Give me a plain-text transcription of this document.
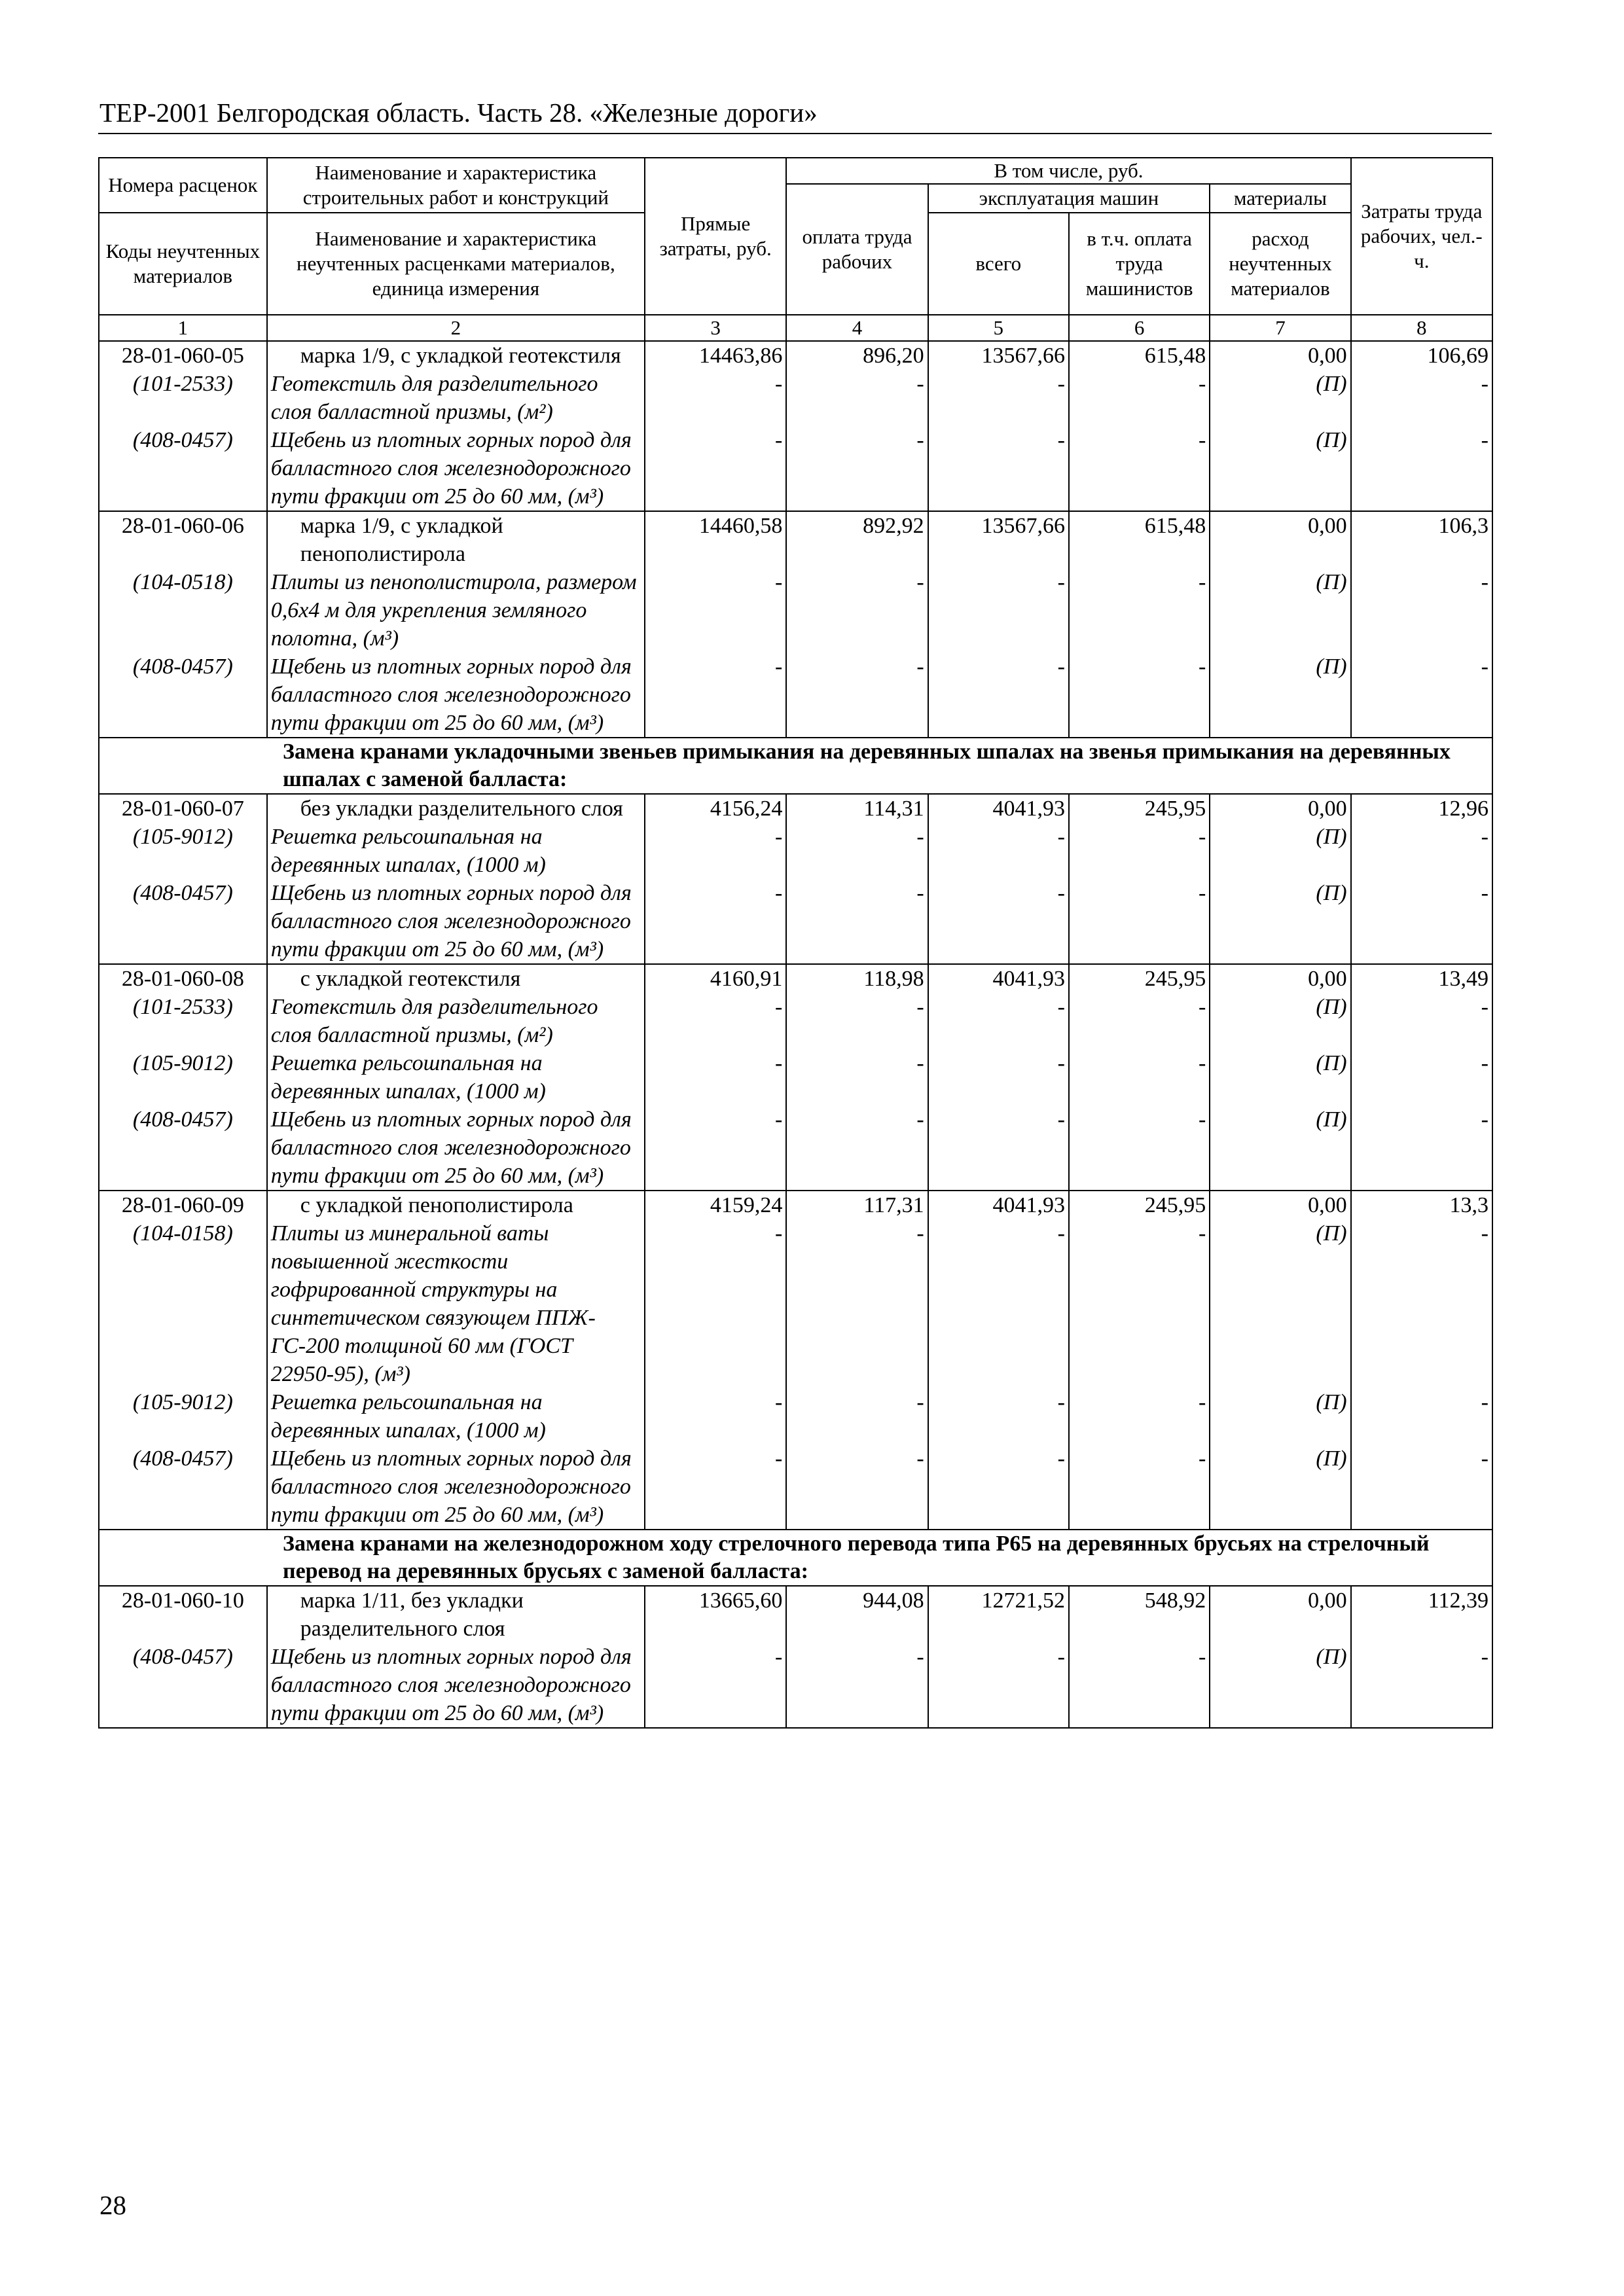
ТЕР-2001 Белгородская область. Часть 28. «Железные дороги»
Номера расценок	Наименование и характеристика строительных работ и конструкций	Прямые затраты, руб.	В том числе, руб.				Затраты труда рабочих, чел.-ч.
			оплата труда рабочих	эксплуатация машин		материалы	
Коды неучтенных материалов	Наименование и характеристика неучтенных расценками материалов, единица измерения			всего	в т.ч. оплата труда машинистов	расход неучтенных материалов	
1	2	3	4	5	6	7	8
28-01-060-05	марка 1/9, с укладкой геотекстиля	14463,86	896,20	13567,66	615,48	0,00	106,69
(101-2533)	Геотекстиль для разделительного слоя балластной призмы, (м²)	-	-	-	-	(П)	-
(408-0457)	Щебень из плотных горных пород для балластного слоя железнодорожного пути фракции от 25 до 60 мм, (м³)	-	-	-	-	(П)	-
28-01-060-06	марка 1/9, с укладкой пенополистирола	14460,58	892,92	13567,66	615,48	0,00	106,3
(104-0518)	Плиты из пенополистирола, размером 0,6х4 м для укрепления земляного полотна, (м³)	-	-	-	-	(П)	-
(408-0457)	Щебень из плотных горных пород для балластного слоя железнодорожного пути фракции от 25 до 60 мм, (м³)	-	-	-	-	(П)	-
Замена кранами укладочными звеньев примыкания на деревянных шпалах на звенья примыкания на деревянных шпалах с заменой балласта:							
28-01-060-07	без укладки разделительного слоя	4156,24	114,31	4041,93	245,95	0,00	12,96
(105-9012)	Решетка рельсошпальная на деревянных шпалах, (1000 м)	-	-	-	-	(П)	-
(408-0457)	Щебень из плотных горных пород для балластного слоя железнодорожного пути фракции от 25 до 60 мм, (м³)	-	-	-	-	(П)	-
28-01-060-08	с укладкой геотекстиля	4160,91	118,98	4041,93	245,95	0,00	13,49
(101-2533)	Геотекстиль для разделительного слоя балластной призмы, (м²)	-	-	-	-	(П)	-
(105-9012)	Решетка рельсошпальная на деревянных шпалах, (1000 м)	-	-	-	-	(П)	-
(408-0457)	Щебень из плотных горных пород для балластного слоя железнодорожного пути фракции от 25 до 60 мм, (м³)	-	-	-	-	(П)	-
28-01-060-09	с укладкой пенополистирола	4159,24	117,31	4041,93	245,95	0,00	13,3
(104-0158)	Плиты из минеральной ваты повышенной жесткости гофрированной структуры на синтетическом связующем ППЖ-ГС-200 толщиной 60 мм (ГОСТ 22950-95), (м³)	-	-	-	-	(П)	-
(105-9012)	Решетка рельсошпальная на деревянных шпалах, (1000 м)	-	-	-	-	(П)	-
(408-0457)	Щебень из плотных горных пород для балластного слоя железнодорожного пути фракции от 25 до 60 мм, (м³)	-	-	-	-	(П)	-
Замена кранами на железнодорожном ходу стрелочного перевода типа Р65 на деревянных брусьях на стрелочный перевод на деревянных брусьях с заменой балласта:							
28-01-060-10	марка 1/11, без укладки разделительного слоя	13665,60	944,08	12721,52	548,92	0,00	112,39
(408-0457)	Щебень из плотных горных пород для балластного слоя железнодорожного пути фракции от 25 до 60 мм, (м³)	-	-	-	-	(П)	-
28
